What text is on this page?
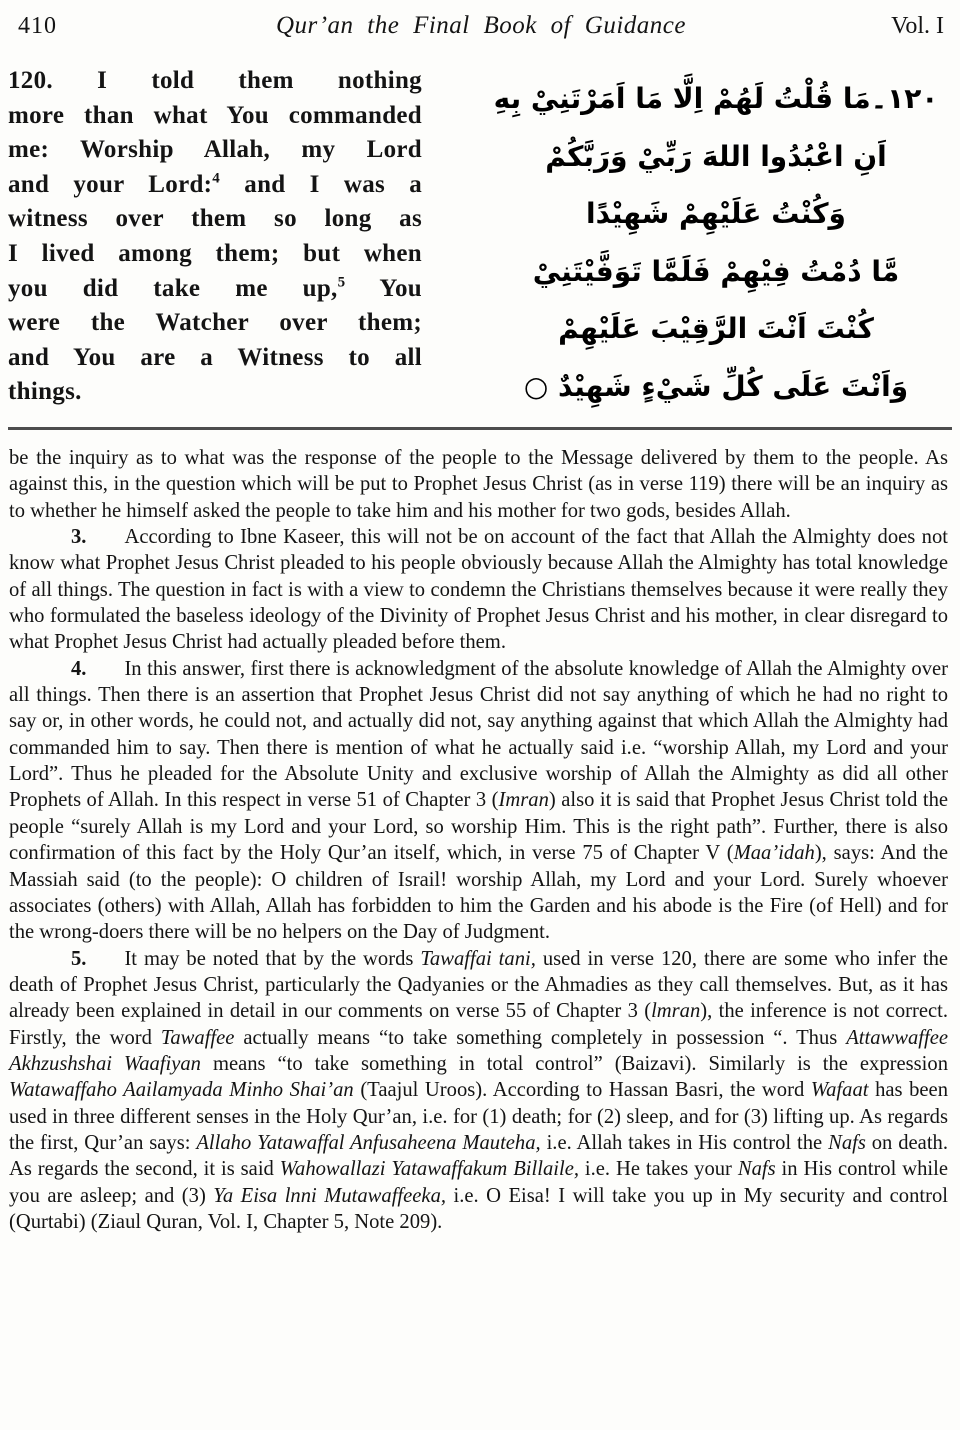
410	Qur’an the Final Book of Guidance	Vol. I
120. I told them nothing
more than what You commanded
me: Worship Allah, my Lord
and your Lord:$^4$ and I was a
witness over them so long as
I lived among them; but when
you did take me up,$^5$ You
were the Watcher over them;
and You are a Witness to all
things.
۱۲۰۔مَا قُلْتُ لَهُمْ اِلَّا مَا اَمَرْتَنِيْ بِهِ
اَنِ اعْبُدُوا اللهَ رَبِّيْ وَرَبَّكُمْ
وَكُنْتُ عَلَيْهِمْ شَهِيْدًا
مَّا دُمْتُ فِيْهِمْ فَلَمَّا تَوَفَّيْتَنِيْ
كُنْتَ اَنْتَ الرَّقِيْبَ عَلَيْهِمْ
وَاَنْتَ عَلَى كُلِّ شَيْءٍ شَهِيْدٌ ○

be the inquiry as to what was the response of the people to the Message delivered by them to the people. As against this, in the question which will be put to Prophet Jesus Christ (as in verse 119) there will be an inquiry as to whether he himself asked the people to take him and his mother for two gods, besides Allah.

3. According to Ibne Kaseer, this will not be on account of the fact that Allah the Almighty does not know what Prophet Jesus Christ pleaded to his people obviously because Allah the Almighty has total knowledge of all things. The question in fact is with a view to condemn the Christians themselves because it were really they who formulated the baseless ideology of the Divinity of Prophet Jesus Christ and his mother, in clear disregard to what Prophet Jesus Christ had actually pleaded before them.

4. In this answer, first there is acknowledgment of the absolute knowledge of Allah the Almighty over all things. Then there is an assertion that Prophet Jesus Christ did not say anything of which he had no right to say or, in other words, he could not, and actually did not, say anything against that which Allah the Almighty had commanded him to say. Then there is mention of what he actually said i.e. “worship Allah, my Lord and your Lord”. Thus he pleaded for the Absolute Unity and exclusive worship of Allah the Almighty as did all other Prophets of Allah. In this respect in verse 51 of Chapter 3 (Imran) also it is said that Prophet Jesus Christ told the people “surely Allah is my Lord and your Lord, so worship Him. This is the right path”. Further, there is also confirmation of this fact by the Holy Qur’an itself, which, in verse 75 of Chapter V (Maa’idah), says: And the Massiah said (to the people): O children of Israil! worship Allah, my Lord and your Lord. Surely whoever associates (others) with Allah, Allah has forbidden to him the Garden and his abode is the Fire (of Hell) and for the wrong-doers there will be no helpers on the Day of Judgment.

5. It may be noted that by the words Tawaffai tani, used in verse 120, there are some who infer the death of Prophet Jesus Christ, particularly the Qadyanies or the Ahmadies as they call themselves. But, as it has already been explained in detail in our comments on verse 55 of Chapter 3 (lmran), the inference is not correct. Firstly, the word Tawaffee actually means “to take something completely in possession “. Thus Attawwaffee Akhzushshai Waafiyan means “to take something in total control” (Baizavi). Similarly is the expression Watawaffaho Aailamyada Minho Shai’an (Taajul Uroos). According to Hassan Basri, the word Wafaat has been used in three different senses in the Holy Qur’an, i.e. for (1) death; for (2) sleep, and for (3) lifting up. As regards the first, Qur’an says: Allaho Yatawaffal Anfusaheena Mauteha, i.e. Allah takes in His control the Nafs on death. As regards the second, it is said Wahowallazi Yatawaffakum Billaile, i.e. He takes your Nafs in His control while you are asleep; and (3) Ya Eisa lnni Mutawaffeeka, i.e. O Eisa! I will take you up in My security and control (Qurtabi) (Ziaul Quran, Vol. I, Chapter 5, Note 209).
